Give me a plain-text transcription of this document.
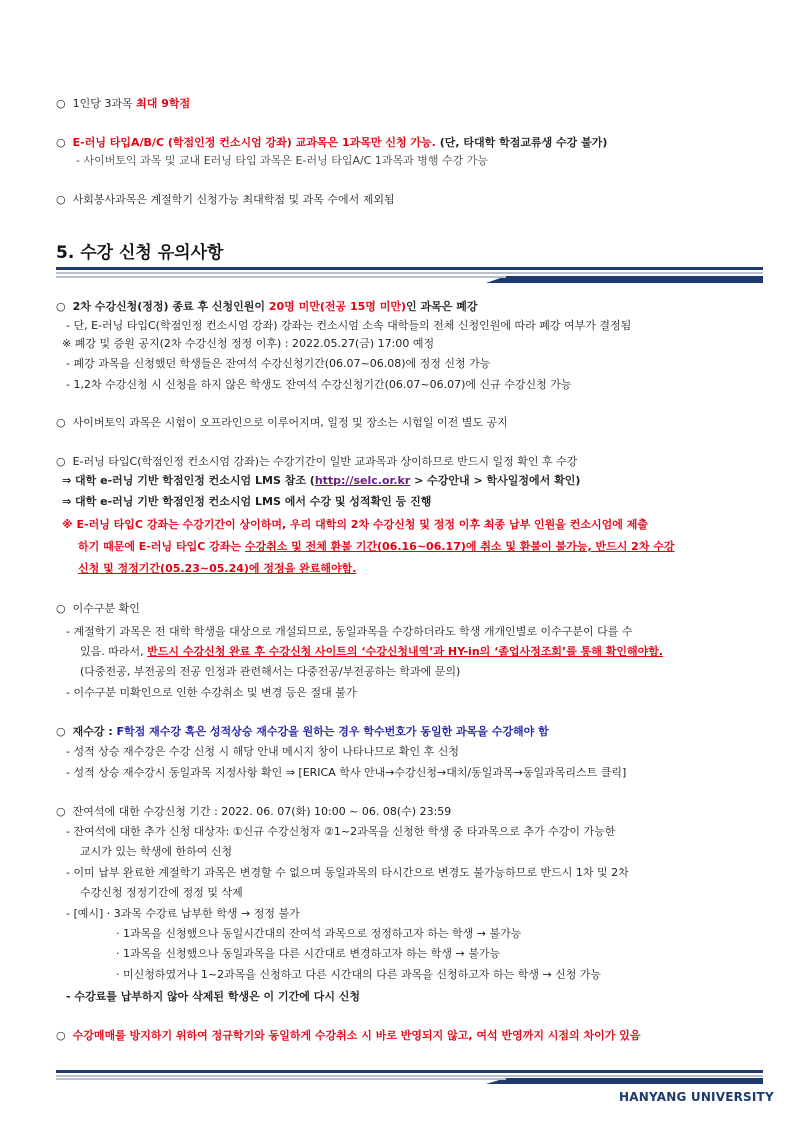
○ 1인당 3과목 최대 9학점
○ E-러닝 타입A/B/C (학점인정 컨소시엄 강좌) 교과목은 1과목만 신청 가능. (단, 타대학 학점교류생 수강 불가)
- 사이버토익 과목 및 교내 E러닝 타입 과목은 E-러닝 타입A/C 1과목과 병행 수강 가능
○ 사회봉사과목은 계절학기 신청가능 최대학점 및 과목 수에서 제외됨
5. 수강 신청 유의사항
○ 2차 수강신청(정정) 종료 후 신청인원이 20명 미만(전공 15명 미만)인 과목은 폐강
- 단, E-러닝 타입C(학점인정 컨소시엄 강좌) 강좌는 컨소시엄 소속 대학들의 전체 신청인원에 따라 폐강 여부가 결정됨
※ 폐강 및 증원 공지(2차 수강신청 정정 이후) : 2022.05.27(금) 17:00 예정
- 폐강 과목을 신청했던 학생들은 잔여석 수강신청기간(06.07~06.08)에 정정 신청 가능
- 1,2차 수강신청 시 신청을 하지 않은 학생도 잔여석 수강신청기간(06.07~06.07)에 신규 수강신청 가능
○ 사이버토익 과목은 시험이 오프라인으로 이루어지며, 일정 및 장소는 시험일 이전 별도 공지
○ E-러닝 타입C(학점인정 컨소시엄 강좌)는 수강기간이 일반 교과목과 상이하므로 반드시 일정 확인 후 수강
⇒ 대학 e-러닝 기반 학점인정 컨소시엄 LMS 참조 (http://selc.or.kr > 수강안내 > 학사일정에서 확인)
⇒ 대학 e-러닝 기반 학점인정 컨소시엄 LMS 에서 수강 및 성적확인 등 진행
※ E-러닝 타입C 강좌는 수강기간이 상이하며, 우리 대학의 2차 수강신청 및 정정 이후 최종 납부 인원을 컨소시엄에 제출
하기 때문에 E-러닝 타입C 강좌는 수강취소 및 전체 환불 기간(06.16~06.17)에 취소 및 환불이 불가능, 반드시 2차 수강
신청 및 정정기간(05.23~05.24)에 정정을 완료해야함.
○ 이수구분 확인
- 계절학기 과목은 전 대학 학생을 대상으로 개설되므로, 동일과목을 수강하더라도 학생 개개인별로 이수구분이 다를 수
있음. 따라서, 반드시 수강신청 완료 후 수강신청 사이트의 ‘수강신청내역’과 HY-in의 ‘졸업사정조회’를 통해 확인해야함.
(다중전공, 부전공의 전공 인정과 관련해서는 다중전공/부전공하는 학과에 문의)
- 이수구분 미확인으로 인한 수강취소 및 변경 등은 절대 불가
○ 재수강 : F학점 재수강 혹은 성적상승 재수강을 원하는 경우 학수번호가 동일한 과목을 수강해야 함
- 성적 상승 재수강은 수강 신청 시 해당 안내 메시지 창이 나타나므로 확인 후 신청
- 성적 상승 재수강시 동일과목 지정사항 확인 ⇒ [ERICA 학사 안내→수강신청→대치/동일과목→동일과목리스트 클릭]
○ 잔여석에 대한 수강신청 기간 : 2022. 06. 07(화) 10:00 ~ 06. 08(수) 23:59
- 잔여석에 대한 추가 신청 대상자: ①신규 수강신청자 ②1~2과목을 신청한 학생 중 타과목으로 추가 수강이 가능한
교시가 있는 학생에 한하여 신청
- 이미 납부 완료한 계절학기 과목은 변경할 수 없으며 동일과목의 타시간으로 변경도 불가능하므로 반드시 1차 및 2차
수강신청 정정기간에 정정 및 삭제
- [예시] · 3과목 수강료 납부한 학생 → 정정 불가
· 1과목을 신청했으나 동일시간대의 잔여석 과목으로 정정하고자 하는 학생 → 불가능
· 1과목을 신청했으나 동일과목을 다른 시간대로 변경하고자 하는 학생 → 불가능
· 미신청하였거나 1~2과목을 신청하고 다른 시간대의 다른 과목을 신청하고자 하는 학생 → 신청 가능
- 수강료를 납부하지 않아 삭제된 학생은 이 기간에 다시 신청
○ 수강매매를 방지하기 위하여 정규학기와 동일하게 수강취소 시 바로 반영되지 않고, 여석 반영까지 시점의 차이가 있음
HANYANG UNIVERSITY
